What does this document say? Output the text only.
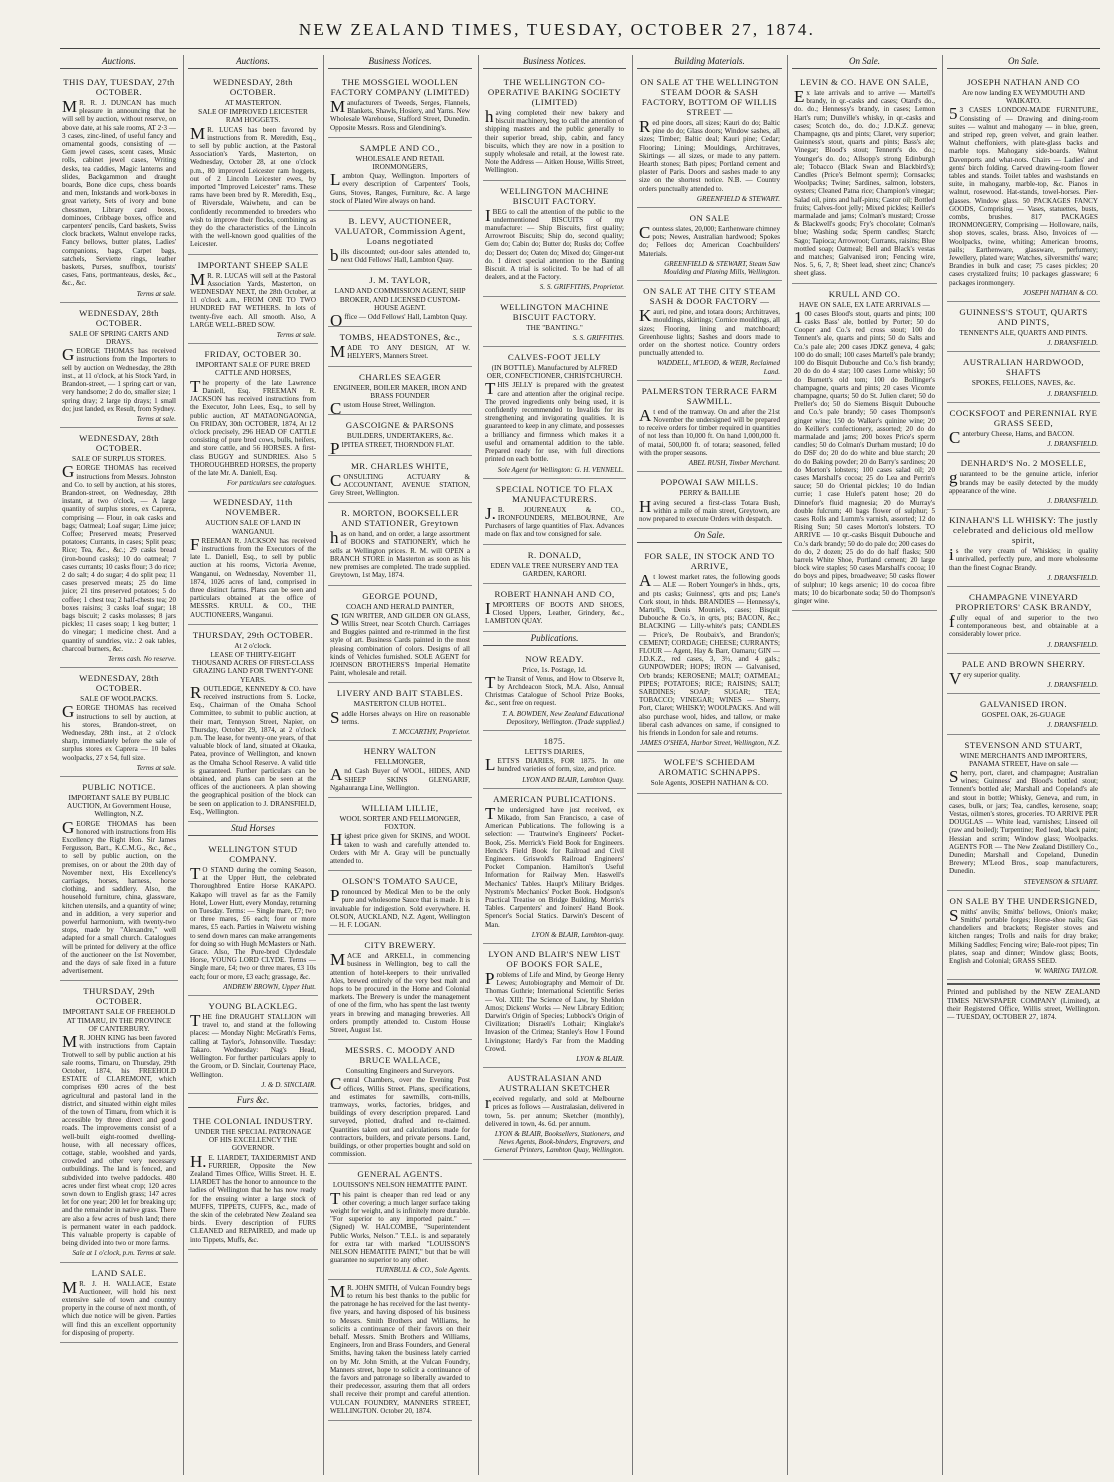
NEW ZEALAND TIMES, TUESDAY, OCTOBER 27, 1874.
Auctions.
THIS DAY, TUESDAY, 27th OCTOBER.
MR. R. J. DUNCAN has much pleasure in announcing that he will sell by auction, without reserve, on above date, at his sale rooms, AT 2·3 — 3 cases, zinc-lined, of useful fancy and ornamental goods, consisting of — Gem jewel cases, scent cases, Music rolls, cabinet jewel cases, Writing desks, tea caddies, Magic lanterns and slides, Backgammon and draught boards, Bone dice cups, chess boards and men, Inkstands and work-boxes in great variety, Sets of ivory and bone chessmen, Library card boxes, dominoes, Cribbage boxes, office and carpenters' pencils, Card baskets, Swiss clock brackets, Walnut envelope racks, Fancy bellows, butter plates, Ladies' companions, bags, Carpet bags, satchels, Serviette rings, leather baskets, Purses, snuffbox, tourists' cases, Fans, portmanteaus, desks, &c., &c., &c.
Terms at sale.
WEDNESDAY, 28th OCTOBER.
SALE OF SPRING CARTS AND DRAYS.
GEORGE THOMAS has received instructions from the Importers to sell by auction on Wednesday, the 28th inst., at 11 o'clock, at his Stock Yard, in Brandon-street, — 1 spring cart or van, very handsome; 2 do do, smaller size; 1 spring dray; 2 large tip drays; 1 small do; just landed, ex Result, from Sydney.
Terms at sale.
WEDNESDAY, 28th OCTOBER.
SALE OF SURPLUS STORES.
GEORGE THOMAS has received instructions from Messrs. Johnston and Co. to sell by auction, at his stores, Brandon-street, on Wednesday, 28th instant, at two o'clock, — A large quantity of surplus stores, ex Caprera, comprising — Flour, in oak casks and bags; Oatmeal; Loaf sugar; Lime juice; Coffee; Preserved meats; Preserved potatoes; Currants, in cases; Split peas; Rice; Tea, &c., &c.; 29 casks bread (iron-bound casks); 10 do oatmeal; 7 cases currants; 10 casks flour; 3 do rice; 2 do salt; 4 do sugar; 4 do split pea; 11 cases preserved meats; 25 do lime juice; 21 tins preserved potatoes; 5 do coffee; 1 chest tea; 2 half-chests tea; 20 boxes raisins; 3 casks loaf sugar; 18 bags biscuit; 2 casks molasses; 8 jars pickles; 11 cases soap; 1 keg butter; 1 do vinegar; 1 medicine chest. And a quantity of sundries, viz.: 2 oak tables, charcoal burners, &c.
Terms cash. No reserve.
WEDNESDAY, 28th OCTOBER.
SALE OF WOOLPACKS.
GEORGE THOMAS has received instructions to sell by auction, at his stores, Brandon-street, on Wednesday, 28th inst., at 2 o'clock sharp, immediately before the sale of surplus stores ex Caprera — 10 bales woolpacks, 27 x 54, full size.
Terms at sale.
PUBLIC NOTICE.
IMPORTANT SALE BY PUBLIC AUCTION, At Government House, Wellington, N.Z.
GEORGE THOMAS has been honored with instructions from His Excellency the Right Hon. Sir James Fergusson, Bart., K.C.M.G., &c., &c., to sell by public auction, on the premises, on or about the 20th day of November next, His Excellency's carriages, horses, harness, horse clothing, and saddlery. Also, the household furniture, china, glassware, kitchen utensils, and a quantity of wine; and in addition, a very superior and powerful harmonium, with twenty-two stops, made by "Alexandre," well adapted for a small church. Catalogues will be printed for delivery at the office of the auctioneer on the 1st November, and the days of sale fixed in a future advertisement.
THURSDAY, 29th OCTOBER.
IMPORTANT SALE OF FREEHOLD AT TIMARU, IN THE PROVINCE OF CANTERBURY.
MR. JOHN KING has been favored with instructions from Captain Trotwell to sell by public auction at his sale rooms, Timaru, on Thursday, 29th October, 1874, his FREEHOLD ESTATE of CLAREMONT, which comprises 690 acres of the best agricultural and pastoral land in the district, and situated within eight miles of the town of Timaru, from which it is accessible by three direct and good roads. The improvements consist of a well-built eight-roomed dwelling-house, with all necessary offices, cottage, stable, woolshed and yards, crowded and other very necessary outbuildings. The land is fenced, and subdivided into twelve paddocks. 480 acres under first wheat crop; 120 acres sown down to English grass; 147 acres let for one year; 200 let for breaking up; and the remainder in native grass. There are also a few acres of bush land; there is permanent water in each paddock. This valuable property is capable of being divided into two or more farms.
Sale at 1 o'clock, p.m. Terms at sale.
LAND SALE.
MR. J. H. WALLACE, Estate Auctioneer, will hold his next extensive sale of town and country property in the course of next month, of which due notice will be given. Parties will find this an excellent opportunity for disposing of property.
Auctions.
WEDNESDAY, 28th OCTOBER.
AT MASTERTON.
SALE OF IMPROVED LEICESTER RAM HOGGETS.
MR. LUCAS has been favored by instructions from R. Meredith, Esq., to sell by public auction, at the Pastoral Association's Yards, Masterton, on Wednesday, October 28, at one o'clock p.m., 80 improved Leicester ram hoggets, out of 2 Lincoln Leicester ewes, by imported "Improved Leicester" rams. These rams have been bred by R. Meredith, Esq., of Riversdale, Waiwhetu, and can be confidently recommended to breeders who wish to improve their flocks, combining as they do the characteristics of the Lincoln with the well-known good qualities of the Leicester.
IMPORTANT SHEEP SALE
MR. R. LUCAS will sell at the Pastoral Association Yards, Masterton, on WEDNESDAY NEXT, the 28th October, at 11 o'clock a.m., FROM ONE TO TWO HUNDRED FAT WETHERS. In lots of twenty-five each. All smooth. Also, A LARGE WELL-BRED SOW.
Terms at sale.
FRIDAY, OCTOBER 30.
IMPORTANT SALE OF PURE BRED CATTLE AND HORSES,
The property of the late Lawrence Daniell, Esq. FREEMAN R. JACKSON has received instructions from the Executor, John Lees, Esq., to sell by public auction, AT MATAONGAONGA, On FRIDAY, 30th OCTOBER, 1874, At 12 o'clock precisely, 296 HEAD OF CATTLE consisting of pure bred cows, bulls, heifers, and store cattle, and 56 HORSES. A first-class BUGGY and SUNDRIES. Also 5 THOROUGHBRED HORSES, the property of the late Mr. A. Daniell, Esq.
For particulars see catalogues.
WEDNESDAY, 11th NOVEMBER.
AUCTION SALE OF LAND IN WANGANUI.
FREEMAN R. JACKSON has received instructions from the Executors of the late L. Daniell, Esq., to sell by public auction at his rooms, Victoria Avenue, Wanganui, on Wednesday, November 11, 1874, 1026 acres of land, comprised in three distinct farms. Plans can be seen and particulars obtained at the office of MESSRS. KRULL & CO., THE AUCTIONEERS, Wanganui.
THURSDAY, 29th OCTOBER.
At 2 o'clock.
LEASE OF THIRTY-EIGHT THOUSAND ACRES OF FIRST-CLASS GRAZING LAND FOR TWENTY-ONE YEARS.
ROUTLEDGE, KENNEDY & CO. have received instructions from S. Locke, Esq., Chairman of the Omaha School Committee, to submit to public auction, at their mart, Tennyson Street, Napier, on Thursday, October 29, 1874, at 2 o'clock p.m. The lease, for twenty-one years, of that valuable block of land, situated at Okauka, Patea, province of Wellington, and known as the Omaha School Reserve. A valid title is guaranteed. Further particulars can be obtained, and plans can be seen at the offices of the auctioneers. A plan showing the geographical position of the block can be seen on application to J. DRANSFIELD, Esq., Wellington.
Stud Horses
WELLINGTON STUD COMPANY.
TO STAND during the coming Season, at the Upper Hutt, the celebrated Thoroughbred Entire Horse KAKAPO. Kakapo will travel as far as the Family Hotel, Lower Hutt, every Monday, returning on Tuesday. Terms: — Single mare, £7; two or three mares, £6 each; four or more mares, £5 each. Parties in Waiwetu wishing to send down mares can make arrangements for doing so with Hugh McMasters or Nath. Grace. Also, The Pure-bred Clydesdale Horse, YOUNG LORD CLYDE. Terms — Single mare, £4; two or three mares, £3 10s each; four or more, £3 each; grassage, &c.
ANDREW BROWN, Upper Hutt.
YOUNG BLACKLEG.
THE fine DRAUGHT STALLION will travel to, and stand at the following places: — Monday Night: McGrath's Ferns, calling at Taylor's, Johnsonville. Tuesday: Takaro. Wednesday: Nag's Head, Wellington. For further particulars apply to the Groom, or D. Sinclair, Courtenay Place, Wellington.
J. & D. SINCLAIR.
Furs &c.
THE COLONIAL INDUSTRY.
UNDER THE SPECIAL PATRONAGE OF HIS EXCELLENCY THE GOVERNOR.
H.E. LIARDET, TAXIDERMIST AND FURRIER, Opposite the New Zealand Times Office, Willis Street. H. E. LIARDET has the honor to announce to the ladies of Wellington that he has now ready for the ensuing winter a large stock of MUFFS, TIPPETS, CUFFS, &c., made of the skin of the celebrated New Zealand sea birds. Every description of FURS CLEANED and REPAIRED, and made up into Tippets, Muffs, &c.
Business Notices.
THE MOSSGIEL WOOLLEN FACTORY COMPANY (LIMITED)
Manufacturers of Tweeds, Serges, Flannels, Blankets, Shawls, Hosiery, and Yarns. New Wholesale Warehouse, Stafford Street, Dunedin. Opposite Messrs. Ross and Glendining's.
SAMPLE AND CO.,
WHOLESALE AND RETAIL IRONMONGERS,
Lambton Quay, Wellington. Importers of every description of Carpenters' Tools, Guns, Stoves, Ranges, Furniture, &c. A large stock of Plated Wire always on hand.
B. LEVY, AUCTIONEER, VALUATOR, Commission Agent, Loans negotiated
bills discounted; out-door sales attended to, next Odd Fellows' Hall, Lambton Quay.
J. M. TAYLOR,
LAND AND COMMISSION AGENT, SHIP BROKER, AND LICENSED CUSTOM-HOUSE AGENT.
Office — Odd Fellows' Hall, Lambton Quay.
TOMBS, HEADSTONES, &c.,
MADE TO ANY DESIGN, AT W. HELYER'S, Manners Street.
CHARLES SEAGER
ENGINEER, BOILER MAKER, IRON AND BRASS FOUNDER
Custom House Street, Wellington.
GASCOIGNE & PARSONS
BUILDERS, UNDERTAKERS, &c.
PIPITEA STREET, THORNDON FLAT.
MR. CHARLES WHITE,
CONSULTING ACTUARY & ACCOUNTANT, AVENUE STATION, Grey Street, Wellington.
R. MORTON, BOOKSELLER AND STATIONER, Greytown
has on hand, and on order, a large assortment of BOOKS and STATIONERY, which he sells at Wellington prices. R. M. will OPEN a BRANCH STORE in Masterton as soon as his new premises are completed. The trade supplied. Greytown, 1st May, 1874.
GEORGE POUND,
COACH AND HERALD PAINTER,
SIGN WRITER, AND GILDER ON GLASS, Willis Street, near Scotch Church. Carriages and Buggies painted and re-trimmed in the first style of art. Business Cards painted in the most pleasing combination of colors. Designs of all kinds of Vehicles furnished. SOLE AGENT for JOHNSON BROTHERS'S Imperial Hematite Paint, wholesale and retail.
LIVERY AND BAIT STABLES.
MASTERTON CLUB HOTEL.
Saddle Horses always on Hire on reasonable terms.
T. MCCARTHY, Proprietor.
HENRY WALTON
FELLMONGER,
And Cash Buyer of WOOL, HIDES, AND SHEEP SKINS GLENGARIF, Ngahauranga Line, Wellington.
WILLIAM LILLIE,
WOOL SORTER AND FELLMONGER, FOXTON.
Highest price given for SKINS, and WOOL taken to wash and carefully attended to. Orders with Mr A. Gray will be punctually attended to.
OLSON'S TOMATO SAUCE,
Pronounced by Medical Men to be the only pure and wholesome Sauce that is made. It is invaluable for indigestion. Sold everywhere. H. OLSON, AUCKLAND, N.Z. Agent, Wellington — H. F. LOGAN.
CITY BREWERY.
MACE and ARKELL, in commencing business in Wellington, beg to call the attention of hotel-keepers to their unrivalled Ales, brewed entirely of the very best malt and hops to be procured in the Home and Colonial markets. The Brewery is under the management of one of the firm, who has spent the last twenty years in brewing and managing breweries. All orders promptly attended to. Custom House Street, August 1st.
MESSRS. C. MOODY AND BRUCE WALLACE,
Consulting Engineers and Surveyors.
Central Chambers, over the Evening Post offices, Willis Street. Plans, specifications, and estimates for sawmills, corn-mills, tramways, works, factories, bridges, and buildings of every description prepared. Land surveyed, plotted, drafted and re-claimed. Quantities taken out and calculations made for contractors, builders, and private persons. Land, buildings, or other properties bought and sold on commission.
GENERAL AGENTS.
LOUISSON'S NELSON HEMATITE PAINT.
This paint is cheaper than red lead or any other covering; a much larger surface taking weight for weight, and is infinitely more durable. "For superior to any imported paint." — (Signed) W. HALCOMBE, "Superintendent Public Works, Nelson." T.E.L. is and separately for extra tar with marked "LOUISSON'S NELSON HEMATITE PAINT," but that be will guarantee no superior to any other.
TURNBULL & CO., Sole Agents.
MR. JOHN SMITH, of Vulcan Foundry begs to return his best thanks to the public for the patronage he has received for the last twenty-five years, and having disposed of his business to Messrs. Smith Brothers and Williams, he solicits a continuance of their favors on their behalf. Messrs. Smith Brothers and Williams, Engineers, Iron and Brass Founders, and General Smiths, having taken the business lately carried on by Mr. John Smith, at the Vulcan Foundry, Manners street, hope to solicit a continuance of the favors and patronage so liberally awarded to their predecessor, assuring them that all orders shall receive their prompt and careful attention. VULCAN FOUNDRY, MANNERS STREET, WELLINGTON. October 20, 1874.
Business Notices.
THE WELLINGTON CO-OPERATIVE BAKING SOCIETY (LIMITED)
having completed their new bakery and biscuit machinery, beg to call the attention of shipping masters and the public generally to their superior bread, ship, cabin, and fancy biscuits, which they are now in a position to supply wholesale and retail, at the lowest rate. Note the Address — Aitken House, Willis Street, Wellington.
WELLINGTON MACHINE BISCUIT FACTORY.
IBEG to call the attention of the public to the undermentioned BISCUITS of my manufacture: — Ship Biscuits, first quality; Arrowroot Biscuits; Ship do, second quality; Gem do; Cabin do; Butter do; Rusks do; Coffee do; Dessert do; Oaten do; Mixed do; Ginger-nut do. I direct special attention to the Banting Biscuit. A trial is solicited. To be had of all dealers, and at the Factory.
S. S. GRIFFITHS, Proprietor.
WELLINGTON MACHINE BISCUIT FACTORY.
THE "BANTING."
S. S. GRIFFITHS.
CALVES-FOOT JELLY
(IN BOTTLE). Manufactured by ALFRED OER, CONFECTIONER, CHRISTCHURCH.
THIS JELLY is prepared with the greatest care and attention after the original recipe. The proved ingredients only being used, it is confidently recommended to Invalids for its strengthening and invigorating qualities. It is guaranteed to keep in any climate, and possesses a brilliancy and firmness which makes it a useful and ornamental addition to the table. Prepared ready for use, with full directions printed on each bottle.
Sole Agent for Wellington: G. H. VENNELL.
SPECIAL NOTICE TO FLAX MANUFACTURERS.
J.B. JOURNEAUX & CO., IRONFOUNDERS, MELBOURNE, Are Purchasers of large quantities of Flax. Advances made on flax and tow consigned for sale.
R. DONALD,
EDEN VALE TREE NURSERY AND TEA GARDEN, KARORI.
ROBERT HANNAH AND CO,
IMPORTERS OF BOOTS AND SHOES, Closed Uppers, Leather, Grindery, &c., LAMBTON QUAY.
Publications.
NOW READY.
Price, 1s. Postage, 1d.
The Transit of Venus, and How to Observe It, by Archdeacon Stock, M.A. Also, Annual Christmas Catalogue of School Prize Books, &c., sent free on request.
T. A. BOWDEN, New Zealand Educational Depository, Wellington. (Trade supplied.)
1875.
LETTS'S DIARIES,
LETTS'S DIARIES, FOR 1875. In one hundred varieties of form, size, and price.
LYON AND BLAIR, Lambton Quay.
AMERICAN PUBLICATIONS.
The undersigned have just received, ex Mikado, from San Francisco, a case of American Publications. The following is a selection: — Trautwine's Engineers' Pocket-Book, 25s. Merrick's Field Book for Engineers. Henck's Field Book for Railroad and Civil Engineers. Griswold's Railroad Engineers' Pocket Companion. Hamilton's Useful Information for Railway Men. Haswell's Mechanics' Tables. Haupt's Military Bridges. Nystrom's Mechanics' Pocket Book. Hodgson's Practical Treatise on Bridge Building. Morris's Tables. Carpenters' and Joiners' Hand Book. Spencer's Social Statics. Darwin's Descent of Man.
LYON & BLAIR, Lambton-quay.
LYON AND BLAIR'S NEW LIST OF BOOKS FOR SALE,
Problems of Life and Mind, by George Henry Lewes; Autobiography and Memoir of Dr. Thomas Guthrie; International Scientific Series — Vol. XIII: The Science of Law, by Sheldon Amos; Dickens' Works — New Library Edition; Darwin's Origin of Species; Lubbock's Origin of Civilization; Disraeli's Lothair; Kinglake's Invasion of the Crimea; Stanley's How I Found Livingstone; Hardy's Far from the Madding Crowd.
LYON & BLAIR.
AUSTRALASIAN AND AUSTRALIAN SKETCHER
received regularly, and sold at Melbourne prices as follows — Australasian, delivered in town, 5s. per annum; Sketcher (monthly), delivered in town, 4s. 6d. per annum.
LYON & BLAIR, Booksellers, Stationers, and News Agents, Book-binders, Engravers, and General Printers, Lambton Quay, Wellington.
Building Materials.
ON SALE AT THE WELLINGTON STEAM DOOR & SASH FACTORY, BOTTOM OF WILLIS STREET —
Red pine doors, all sizes; Kauri do do; Baltic pine do do; Glass doors; Window sashes, all sizes; Timber; Baltic deal; Kauri pine; Cedar; Flooring; Lining; Mouldings, Architraves, Skirtings — all sizes, or made to any pattern. Hearth stones; Bath pipes; Portland cement and plaster of Paris. Doors and sashes made to any size on the shortest notice. N.B. — Country orders punctually attended to.
GREENFIELD & STEWART.
ON SALE
Countess slates, 20,000; Earthenware chimney pots; Newes, Australian hardwood; Spokes do; Felloes do; American Coachbuilders' Materials.
GREENFIELD & STEWART, Steam Saw Moulding and Planing Mills, Wellington.
ON SALE AT THE CITY STEAM SASH & DOOR FACTORY —
Kauri, red pine, and totara doors; Architraves, mouldings, skirtings; Cornice mouldings, all sizes; Flooring, lining and matchboard; Greenhouse lights; Sashes and doors made to order on the shortest notice. Country orders punctually attended to.
WADDELL, M'LEOD, & WEIR, Reclaimed Land.
PALMERSTON TERRACE FARM SAWMILL.
At end of the tramway. On and after the 21st November the undersigned will be prepared to receive orders for timber required in quantities of not less than 10,000 ft. On hand 1,000,000 ft. of matai, 500,000 ft. of totara; seasoned, felled with the proper seasons.
ABEL RUSH, Timber Merchant.
POPOWAI SAW MILLS.
PERRY & BAILLIE
Having secured a first-class Totara Bush, within a mile of main street, Greytown, are now prepared to execute Orders with despatch.
On Sale.
FOR SALE, IN STOCK AND TO ARRIVE,
At lowest market rates, the following goods — ALE — Robert Younger's in hhds., qrts, and pts casks; Guinness', qrts and pts; Lane's Cork stout, in hhds. BRANDIES — Hennessy's, Martell's, Denis Mounie's, cases; Bisquit Dubouche & Co.'s, in qrts, pts; BACON, &c.; BLACKING — Lilly-white's pats; CANDLES — Price's, De Roubaix's, and Brandon's; CEMENT; CORDAGE; CHEESE; CURRANTS; FLOUR — Agent, Hay & Barr, Oamaru; GIN — J.D.K.Z., red cases, 3, 3½, and 4 gals.; GUNPOWDER; HOPS; IRON — Galvanised, Orb brands; KEROSENE; MALT; OATMEAL; PIPES; POTATOES; RICE; RAISINS; SALT; SARDINES; SOAP; SUGAR; TEA; TOBACCO; VINEGAR; WINES — Sherry, Port, Claret; WHISKY; WOOLPACKS. And will also purchase wool, hides, and tallow, or make liberal cash advances on same, if consigned to his friends in London for sale and returns.
JAMES O'SHEA, Harbor Street, Wellington, N.Z.
WOLFE'S SCHIEDAM AROMATIC SCHNAPPS.
Sole Agents, JOSEPH NATHAN & CO.
On Sale.
LEVIN & CO. HAVE ON SALE,
Ex late arrivals and to arrive — Martell's brandy, in qr.-casks and cases; Otard's do., do. do.; Hennessy's brandy, in cases; Lemon Hart's rum; Dunville's whisky, in qr.-casks and cases; Scotch do., do. do.; J.D.K.Z. geneva; Champagne, qts and pints; Claret, very superior; Guinness's stout, quarts and pints; Bass's ale; Vinegar; Blood's stout; Tennent's do. do.; Younger's do. do.; Allsopp's strong Edinburgh ale; Tobacco (Black Swan and Blackbird's); Candles (Price's Belmont sperm); Cornsacks; Woolpacks; Twine; Sardines, salmon, lobsters, oysters; Cleaned Patna rice; Champion's vinegar; Salad oil, pints and half-pints; Castor oil; Bottled fruits; Calves-foot jelly; Mixed pickles; Keiller's marmalade and jams; Colman's mustard; Crosse & Blackwell's goods; Fry's chocolate; Colman's blue; Washing soda; Sperm candles; Starch; Sago; Tapioca; Arrowroot; Currants, raisins; Blue mottled soap; Oatmeal; Bell and Black's vestas and matches; Galvanised iron; Fencing wire, Nos. 5, 6, 7, 8; Sheet lead, sheet zinc; Chance's sheet glass.
KRULL AND CO.
HAVE ON SALE, EX LATE ARRIVALS —
100 cases Blood's stout, quarts and pints; 100 casks Bass' ale, bottled by Porter; 50 do Cooper and Co.'s red cross stout; 100 do Tennent's ale, quarts and pints; 50 do Salts and Co.'s pale ale; 200 cases JDKZ geneva, 4 gals; 100 do do small; 100 cases Martell's pale brandy; 100 do Bisquit Dubouche and Co.'s fish brandy; 20 do do do 4 star; 100 cases Lorne whisky; 50 do Burnett's old tom; 100 do Bollinger's champagne, quarts and pints; 20 cases Vicomte champagne, quarts; 50 do St. Julien claret; 50 do Preller's do; 50 do Siemens Bisquit Dubouche and Co.'s pale brandy; 50 cases Thompson's ginger wine; 150 do Walker's quinine wine; 20 do Keiller's confectionery, assorted; 20 do do marmalade and jams; 200 boxes Price's sperm candles; 50 do Colman's Durham mustard; 10 do do DSF do; 20 do do white and blue starch; 20 do do Baking powder; 20 do Barry's sardines; 20 do Morton's lobsters; 100 cases salad oil; 20 cases Marshall's cocoa; 25 do Lea and Perrin's sauce; 50 do Oriental pickles; 10 do Indian currie; 1 case Hulet's patent hose; 20 do Dinnefor's fluid magnesia; 20 do Murray's double fulcrum; 40 bags flower of sulphur; 5 cases Rolls and Lumm's varnish, assorted; 12 do Rising Sun; 50 cases Morton's lobsters. TO ARRIVE — 10 qr.-casks Bisquit Dubouche and Co.'s dark brandy; 50 do do pale do; 200 cases do do do, 2 dozen; 25 do do do half flasks; 500 barrels White Shoe, Portland cement; 20 large block wire staples; 50 cases Marshall's cocoa; 10 do boys and pipes, broadweave; 50 casks flower of sulphur; 10 kegs arsenic; 10 do cocoa fibre mats; 10 do bicarbonate soda; 50 do Thompson's ginger wine.
On Sale.
JOSEPH NATHAN AND CO
Are now landing EX WEYMOUTH AND WAIKATO.
53 CASES LONDON-MADE FURNITURE, Consisting of — Drawing and dining-room suites — walnut and mahogany — in blue, green, and striped rep, green velvet, and grain leather. Walnut cheffoniers, with plate-glass backs and marble tops. Mahogany side-boards. Walnut Davenports and what-nots. Chairs — Ladies' and gents' birch folding. Carved drawing-room flower tables and stands. Toilet tables and washstands en suite, in mahogany, marble-top, &c. Pianos in walnut, rosewood. Hat-stands, towel-horses. Pier-glasses. Window glass. 50 PACKAGES FANCY GOODS, Comprising — Vases, statuettes, busts, combs, brushes. 817 PACKAGES IRONMONGERY, Comprising — Holloware, nails, shop stoves, scales, brass. Also, Invoices of — Woolpacks, twine, whiting; American brooms, pails; Earthenware, glassware, perfumery; Jewellery, plated ware; Watches, silversmiths' ware; Brandies in bulk and case; 75 cases pickles; 20 cases crystalized fruits; 10 packages glassware; 6 packages ironmongery.
JOSEPH NATHAN & CO.
GUINNESS'S STOUT, QUARTS AND PINTS,
TENNENT'S ALE, QUARTS AND PINTS.
J. DRANSFIELD.
AUSTRALIAN HARDWOOD, SHAFTS
SPOKES, FELLOES, NAVES, &c.
J. DRANSFIELD.
COCKSFOOT and PERENNIAL RYE GRASS SEED,
Canterbury Cheese, Hams, and BACON.
J. DRANSFIELD.
DENHARD'S No. 2 MOSELLE,
guaranteed to be the genuine article, inferior brands may be easily detected by the muddy appearance of the wine.
J. DRANSFIELD.
KINAHAN'S LL WHISKY: The justly celebrated and delicious old mellow spirit,
is the very cream of Whiskies; in quality unrivalled, perfectly pure, and more wholesome than the finest Cognac Brandy.
J. DRANSFIELD.
CHAMPAGNE VINEYARD PROPRIETORS' CASK BRANDY,
fully equal of and superior to the two contemporaneous best, and obtainable at a considerably lower price.
J. DRANSFIELD.
PALE AND BROWN SHERRY.
Very superior quality.
J. DRANSFIELD.
GALVANISED IRON.
GOSPEL OAK, 26-GUAGE
J. DRANSFIELD.
STEVENSON AND STUART,
WINE MERCHANTS AND IMPORTERS, PANAMA STREET, Have on sale —
Sherry, port, claret, and champagne; Australian wines; Guinness' and Blood's bottled stout; Tennent's bottled ale; Marshall and Copeland's ale and stout in bottle; Whisky, Geneva, and rum, in cases, bulk, or jars; Tea, candles, kerosene, soap; Vestas, oilmen's stores, groceries. TO ARRIVE PER DOUGLAS — White lead, varnishes; Linseed oil (raw and boiled); Turpentine; Red lead, black paint; Hessian and scrim; Window glass; Woolpacks. AGENTS FOR — The New Zealand Distillery Co., Dunedin; Marshall and Copeland, Dunedin Brewery; M'Leod Bros., soap manufacturers, Dunedin.
STEVENSON & STUART.
ON SALE BY THE UNDERSIGNED,
Smiths' anvils; Smiths' bellows, Onion's make; Smiths' portable forges; Horse-shoe nails; Gas chandeliers and brackets; Register stoves and kitchen ranges; Trolls and nails for dray brake; Milking Saddles; Fencing wire; Bale-root pipes; Tin plates, soap and dinner; Window glass; Boots, English and Colonial; GRASS SEED.
W. WARING TAYLOR.
Printed and published by the NEW ZEALAND TIMES NEWSPAPER COMPANY (Limited), at their Registered Office, Willis street, Wellington. — TUESDAY, OCTOBER 27, 1874.
